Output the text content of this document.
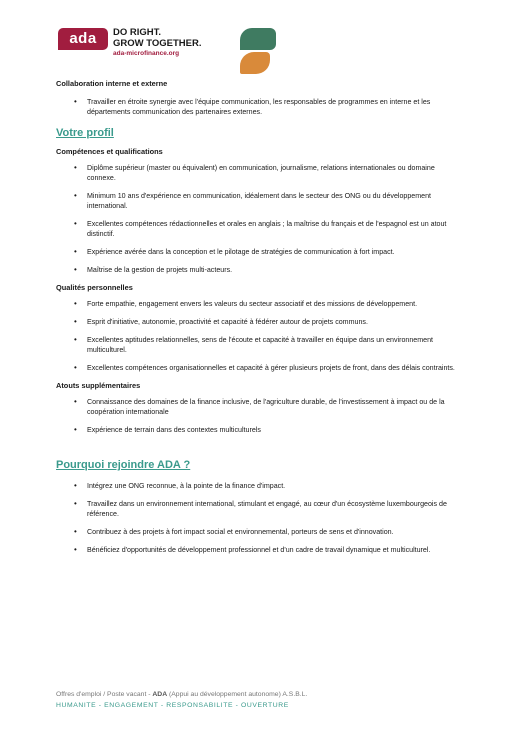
ada	DO RIGHT.
GROW TOGETHER.
ada-microfinance.org

Collaboration interne et externe

• Travailler en étroite synergie avec l'équipe communication, les responsables de programmes en interne et les départements communication des partenaires externes.

Votre profil

Compétences et qualifications

• Diplôme supérieur (master ou équivalent) en communication, journalisme, relations internationales ou domaine connexe.
• Minimum 10 ans d'expérience en communication, idéalement dans le secteur des ONG ou du développement international.
• Excellentes compétences rédactionnelles et orales en anglais ; la maîtrise du français et de l'espagnol est un atout distinctif.
• Expérience avérée dans la conception et le pilotage de stratégies de communication à fort impact.
• Maîtrise de la gestion de projets multi-acteurs.

Qualités personnelles

• Forte empathie, engagement envers les valeurs du secteur associatif et des missions de développement.
• Esprit d'initiative, autonomie, proactivité et capacité à fédérer autour de projets communs.
• Excellentes aptitudes relationnelles, sens de l'écoute et capacité à travailler en équipe dans un environnement multiculturel.
• Excellentes compétences organisationnelles et capacité à gérer plusieurs projets de front, dans des délais contraints.

Atouts supplémentaires

• Connaissance des domaines de la finance inclusive, de l'agriculture durable, de l'investissement à impact ou de la coopération internationale
• Expérience de terrain dans des contextes multiculturels

Pourquoi rejoindre ADA ?

• Intégrez une ONG reconnue, à la pointe de la finance d'impact.
• Travaillez dans un environnement international, stimulant et engagé, au cœur d'un écosystème luxembourgeois de référence.
• Contribuez à des projets à fort impact social et environnemental, porteurs de sens et d'innovation.
• Bénéficiez d'opportunités de développement professionnel et d'un cadre de travail dynamique et multiculturel.
Offres d'emploi / Poste vacant - ADA (Appui au développement autonome) A.S.B.L.
HUMANITE - ENGAGEMENT - RESPONSABILITE - OUVERTURE
